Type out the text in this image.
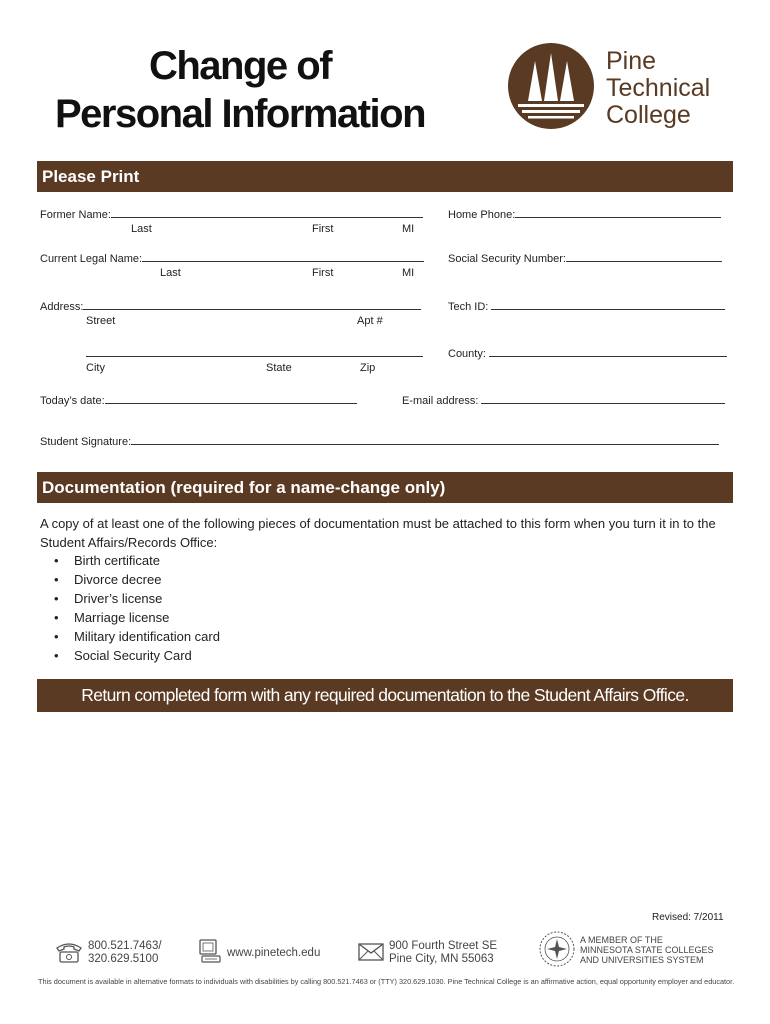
Change of
Personal Information
Pine
Technical
College
Please Print
Former Name:
Last	First	MI
Home Phone:
Current Legal Name:
Last	First	MI
Social Security Number:
Address:
Street	Apt #
Tech ID:
City	State	Zip
County:
Today’s date:	E-mail address:
Student Signature:
Documentation (required for a name-change only)
A copy of at least one of the following pieces of documentation must be attached to this form when you turn it in to the Student Affairs/Records Office:
• Birth certificate
• Divorce decree
• Driver’s license
• Marriage license
• Military identification card
• Social Security Card
Return completed form with any required documentation to the Student Affairs Office.
Revised: 7/2011
800.521.7463/
320.629.5100	www.pinetech.edu
900 Fourth Street SE
Pine City, MN 55063
A MEMBER OF THE
MINNESOTA STATE COLLEGES
AND UNIVERSITIES SYSTEM
This document is available in alternative formats to individuals with disabilities by calling 800.521.7463 or (TTY) 320.629.1030. Pine Technical College is an affirmative action, equal opportunity employer and educator.
